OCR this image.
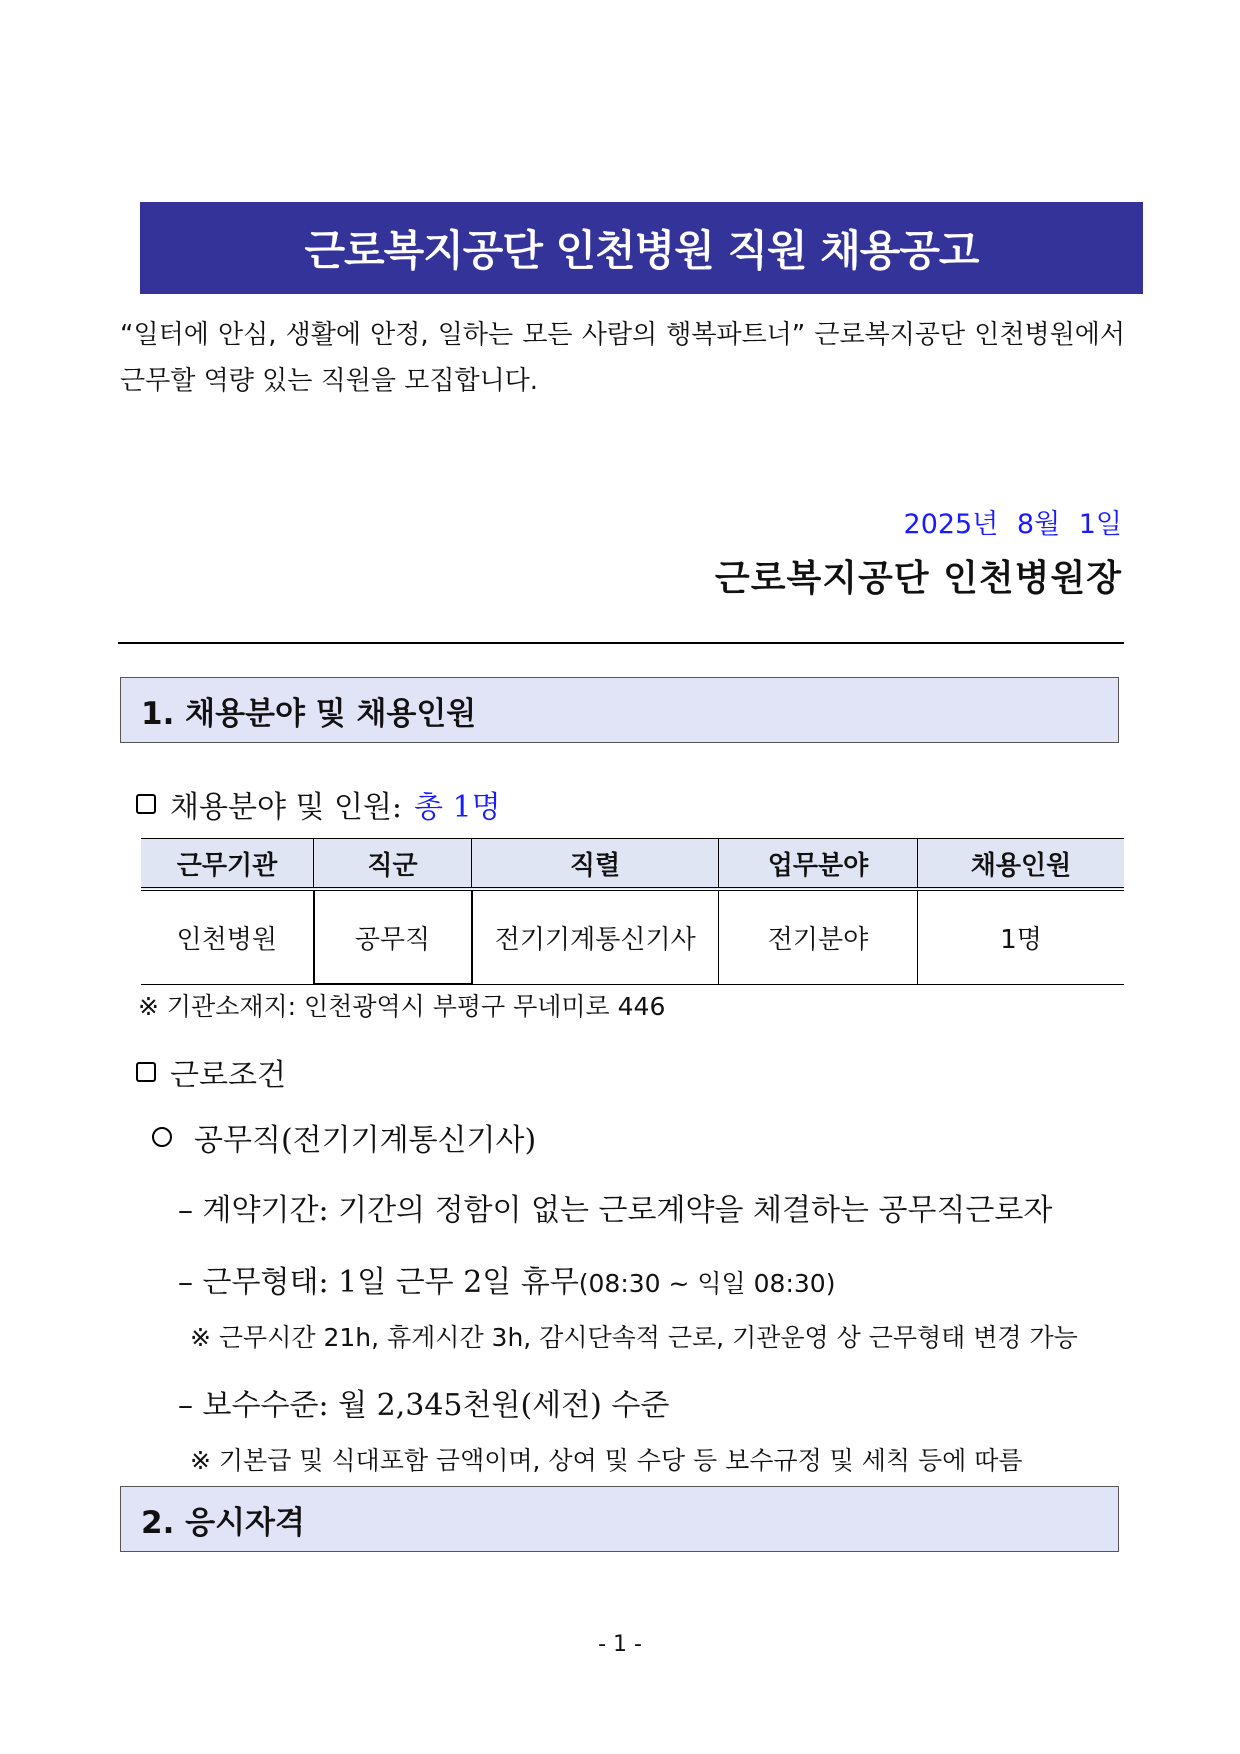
근로복지공단 인천병원 직원 채용공고
“일터에 안심, 생활에 안정, 일하는 모든 사람의 행복파트너” 근로복지공단 인천병원에서 근무할 역량 있는 직원을 모집합니다.
2025년 8월 1일
근로복지공단 인천병원장
1. 채용분야 및 채용인원
채용분야 및 인원: 총 1명
근무기관	직군	직렬	업무분야	채용인원
인천병원	공무직	전기기계통신기사	전기분야	1명
※ 기관소재지: 인천광역시 부평구 무네미로 446
근로조건
공무직(전기기계통신기사)
– 계약기간: 기간의 정함이 없는 근로계약을 체결하는 공무직근로자
– 근무형태: 1일 근무 2일 휴무(08:30 ~ 익일 08:30)
※ 근무시간 21h, 휴게시간 3h, 감시단속적 근로, 기관운영 상 근무형태 변경 가능
– 보수수준: 월 2,345천원(세전) 수준
※ 기본급 및 식대포함 금액이며, 상여 및 수당 등 보수규정 및 세칙 등에 따름
2. 응시자격
- 1 -
